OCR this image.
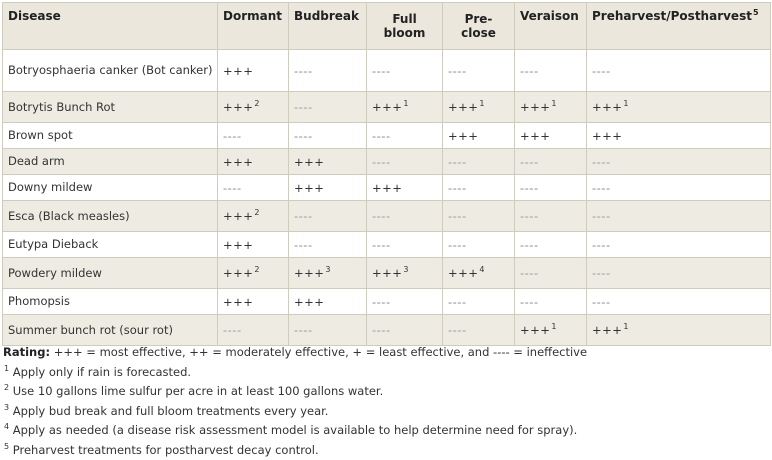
Disease	Dormant	Budbreak	Full
bloom	Pre-
close	Veraison	Preharvest/Postharvest$^5$
Botryosphaeria canker (Bot canker)	+++	----	----	----	----	----
Botrytis Bunch Rot	+++$^2$	----	+++$^1$	+++$^1$	+++$^1$	+++$^1$
Brown spot	----	----	----	+++	+++	+++
Dead arm	+++	+++	----	----	----	----
Downy mildew	----	+++	+++	----	----	----
Esca (Black measles)	+++$^2$	----	----	----	----	----
Eutypa Dieback	+++	----	----	----	----	----
Powdery mildew	+++$^2$	+++$^3$	+++$^3$	+++$^4$	----	----
Phomopsis	+++	+++	----	----	----	----
Summer bunch rot (sour rot)	----	----	----	----	+++$^1$	+++$^1$
Rating: +++ = most effective, ++ = moderately effective, + = least effective, and ---- = ineffective
$^1$ Apply only if rain is forecasted.
$^2$ Use 10 gallons lime sulfur per acre in at least 100 gallons water.
$^3$ Apply bud break and full bloom treatments every year.
$^4$ Apply as needed (a disease risk assessment model is available to help determine need for spray).
$^5$ Preharvest treatments for postharvest decay control.
